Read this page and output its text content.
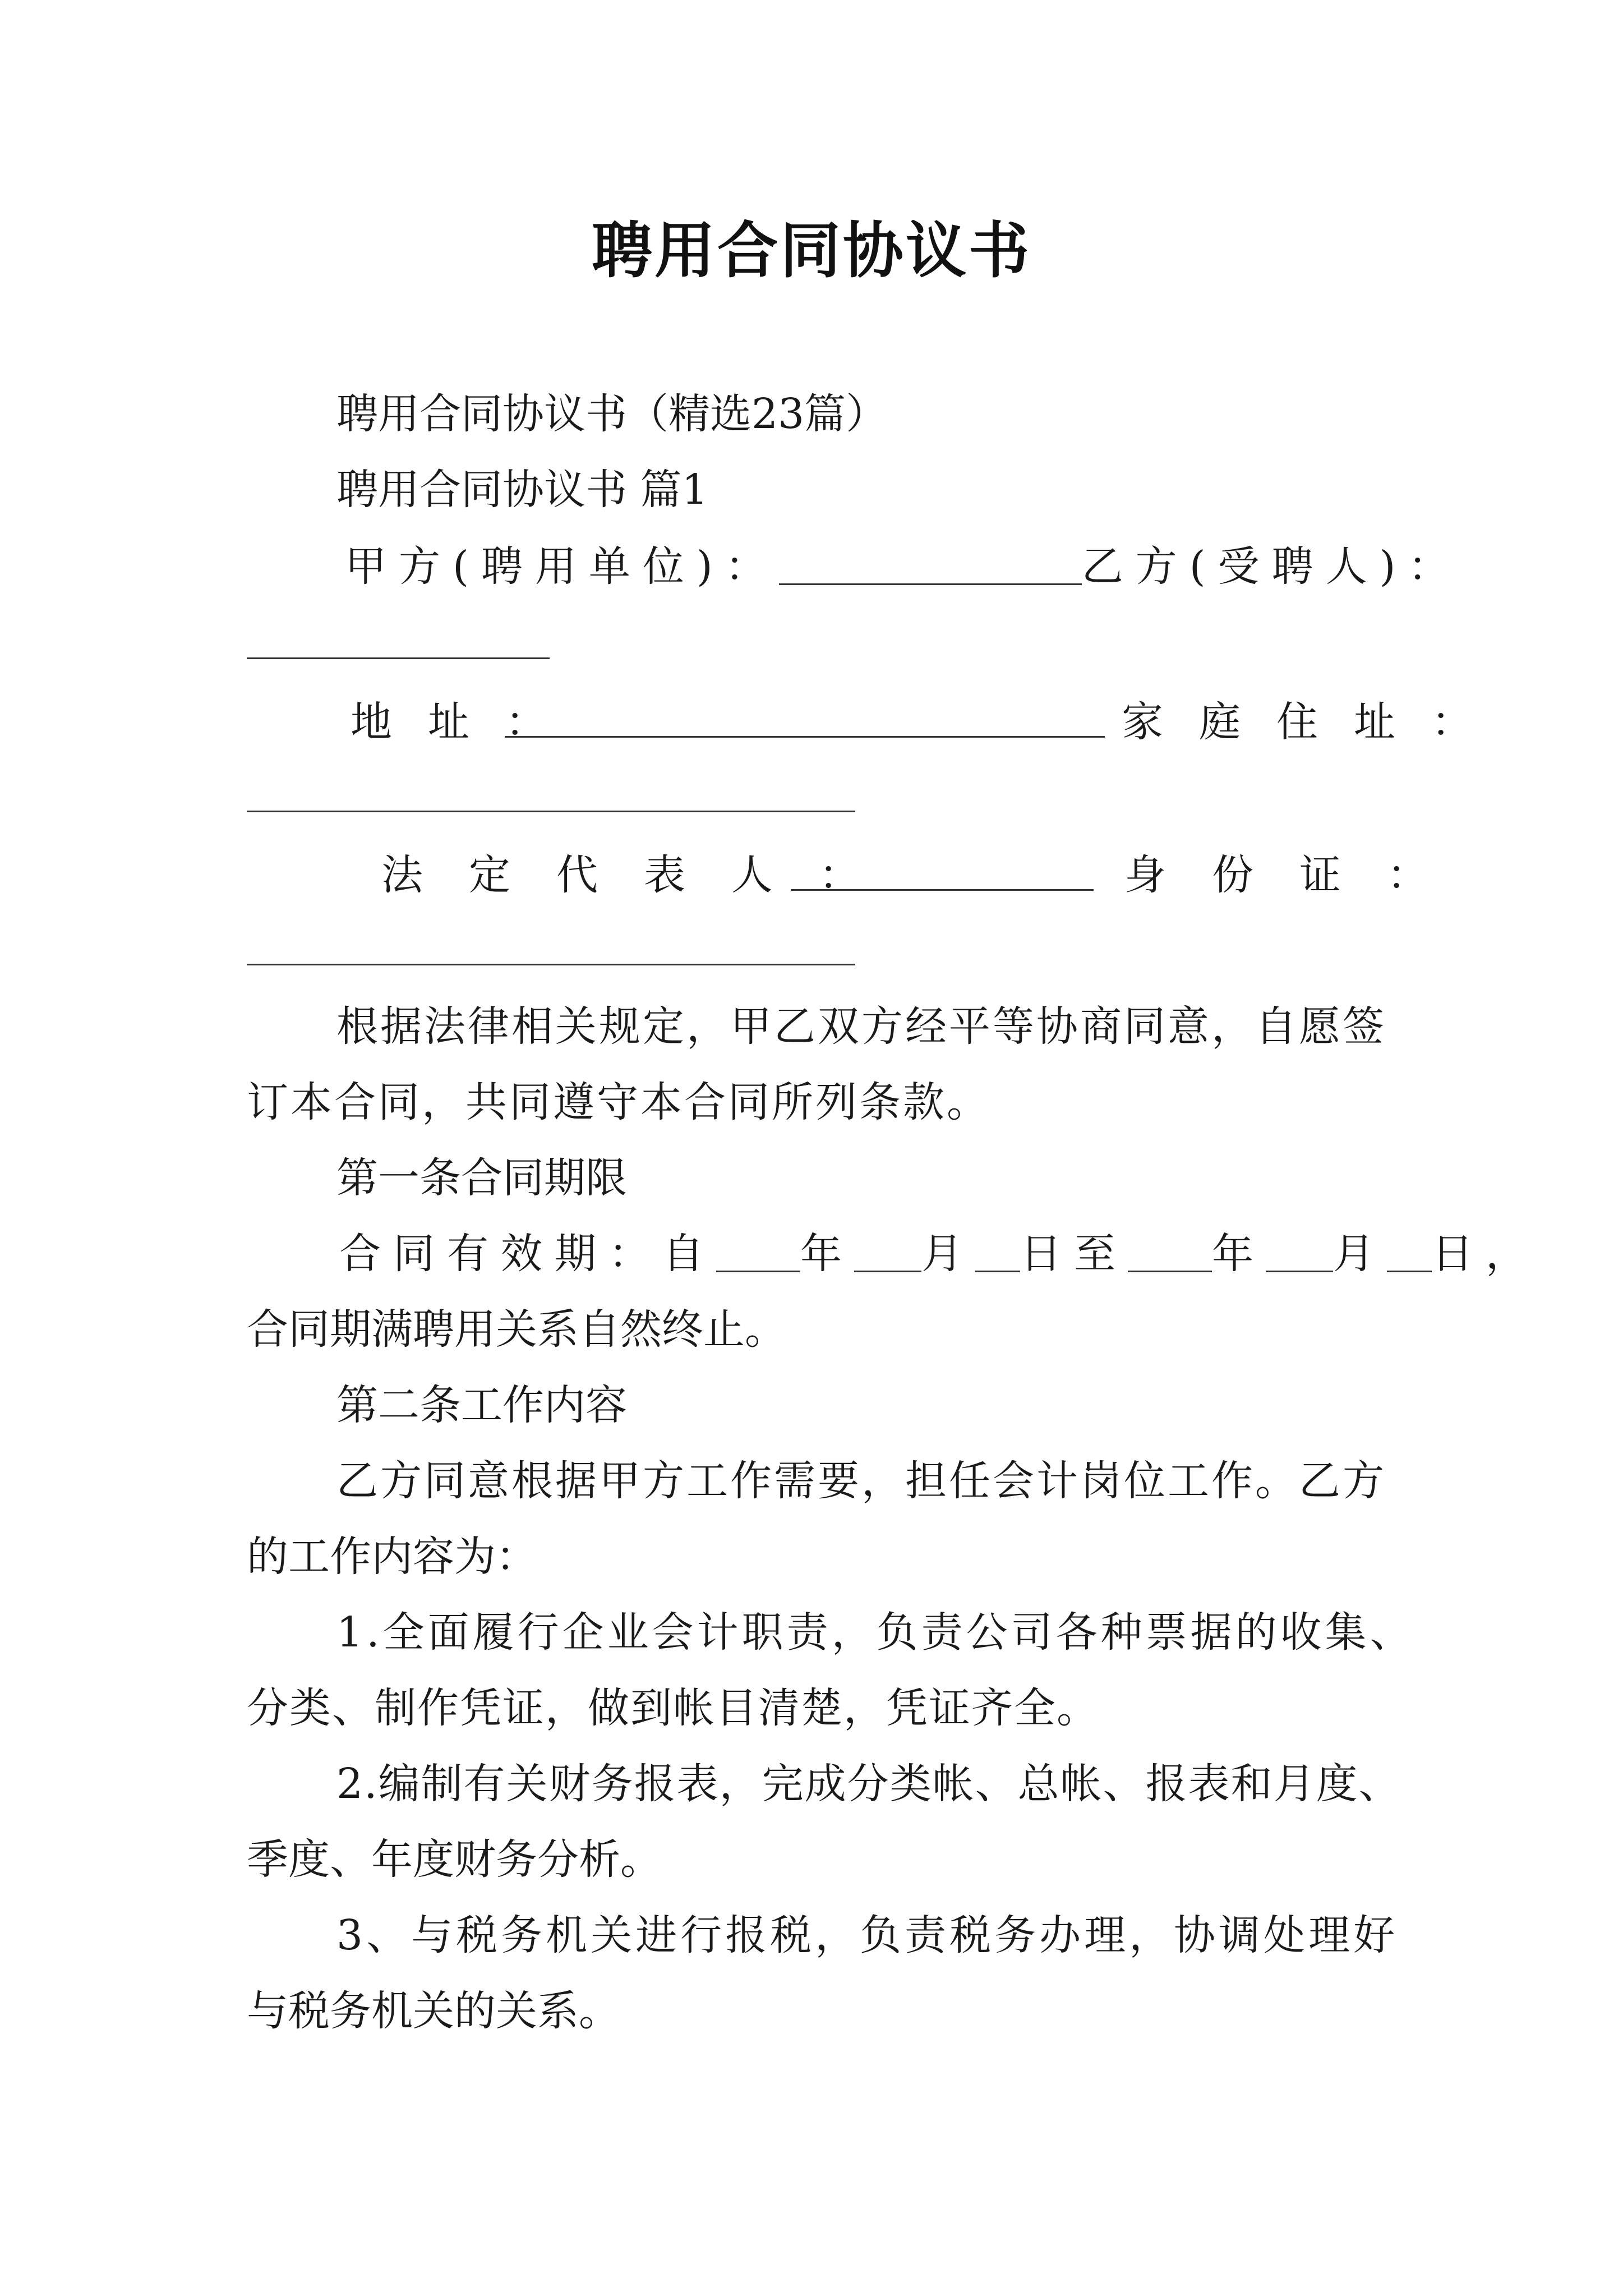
聘用合同协议书
聘用合同协议书（精选23篇）
聘用合同协议书 篇1
甲方(聘用单位)：	乙方(受聘人)：
地址：	家庭住址：
法定代表人：	身份证：
根据法律相关规定，甲乙双方经平等协商同意，自愿签
订本合同，共同遵守本合同所列条款。
第一条合同期限
合同有效期：自 年 月 日至 年 月 日，
合同期满聘用关系自然终止。
第二条工作内容
乙方同意根据甲方工作需要，担任会计岗位工作。乙方
的工作内容为：
1.全面履行企业会计职责，负责公司各种票据的收集、
分类、制作凭证，做到帐目清楚，凭证齐全。
2.编制有关财务报表，完成分类帐、总帐、报表和月度、
季度、年度财务分析。
3、与税务机关进行报税，负责税务办理，协调处理好
与税务机关的关系。
